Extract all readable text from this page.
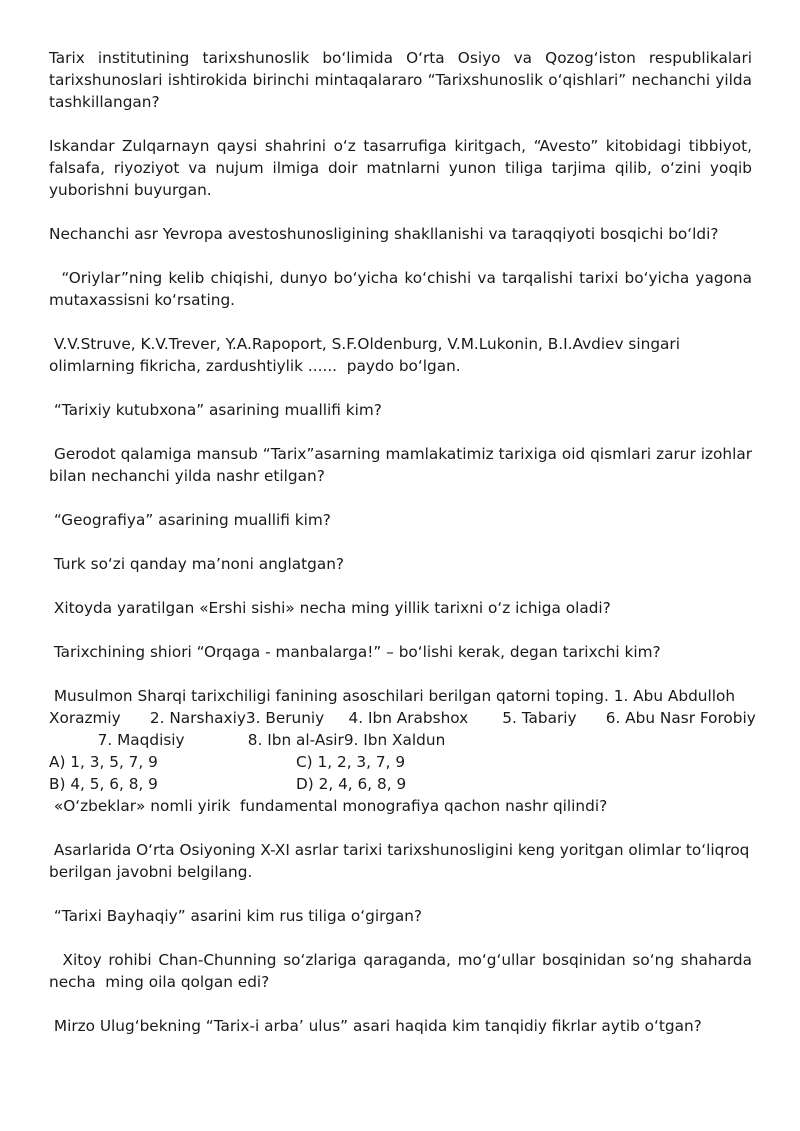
Tarix institutining tarixshunoslik bo‘limida O‘rta Osiyo va Qozog‘iston respublikalari tarixshunoslari ishtirokida birinchi mintaqalararo “Tarixshunoslik o‘qishlari” nechanchi yilda tashkillangan?

Iskandar Zulqarnayn qaysi shahrini o‘z tasarrufiga kiritgach, “Avesto” kitobidagi tibbiyot, falsafa, riyoziyot va nujum ilmiga doir matnlarni yunon tiliga tarjima qilib, o‘zini yoqib yuborishni buyurgan.

Nechanchi asr Yevropa avestoshunosligining shakllanishi va taraqqiyoti bosqichi bo‘ldi?

“Oriylar”ning kelib chiqishi, dunyo bo‘yicha ko‘chishi va tarqalishi tarixi bo‘yicha yagona mutaxassisni ko‘rsating.

V.V.Struve, K.V.Trever, Y.A.Rapoport, S.F.Oldenburg, V.M.Lukonin, B.I.Avdiev singari olimlarning fikricha, zardushtiylik ......  paydo bo‘lgan.

“Tarixiy kutubxona” asarining muallifi kim?

Gerodot qalamiga mansub “Tarix”asarning mamlakatimiz tarixiga oid qismlari zarur izohlar bilan nechanchi yilda nashr etilgan?

“Geografiya” asarining muallifi kim?

Turk so‘zi qanday ma’noni anglatgan?

Xitoyda yaratilgan «Ershi sishi» necha ming yillik tarixni o‘z ichiga oladi?

Tarixchining shiori “Orqaga - manbalarga!” – bo‘lishi kerak, degan tarixchi kim?

Musulmon Sharqi tarixchiligi fanining asoschilari berilgan qatorni toping. 1. Abu Abdulloh
Xorazmiy      2. Narshaxiy3. Beruniy     4. Ibn Arabshox       5. Tabariy      6. Abu Nasr Forobiy
7. Maqdisiy             8. Ibn al-Asir9. Ibn Xaldun
A) 1, 3, 5, 7, 9	C) 1, 2, 3, 7, 9
B) 4, 5, 6, 8, 9	D) 2, 4, 6, 8, 9

«O‘zbeklar» nomli yirik  fundamental monografiya qachon nashr qilindi?

Asarlarida O‘rta Osiyoning X-XI asrlar tarixi tarixshunosligini keng yoritgan olimlar to‘liqroq berilgan javobni belgilang.

“Tarixi Bayhaqiy” asarini kim rus tiliga o‘girgan?

Xitoy rohibi Chan-Chunning so‘zlariga qaraganda, mo‘g‘ullar bosqinidan so‘ng shaharda necha  ming oila qolgan edi?

Mirzo Ulug‘bekning “Tarix-i arba’ ulus” asari haqida kim tanqidiy fikrlar aytib o‘tgan?
